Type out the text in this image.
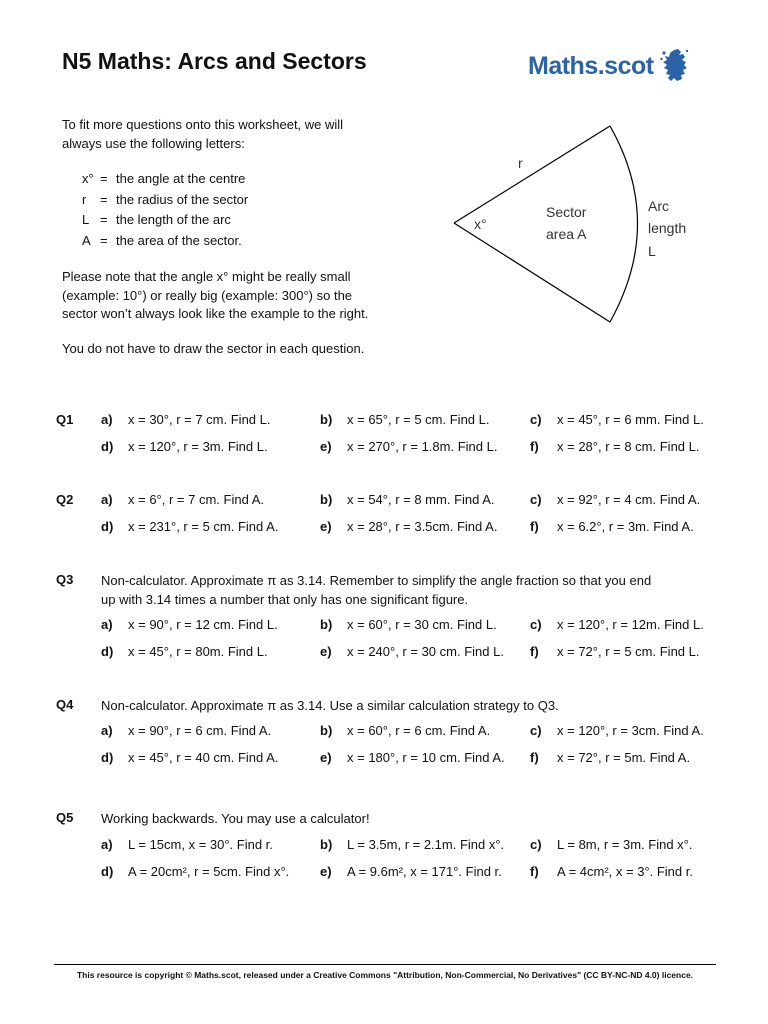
N5 Maths: Arcs and Sectors	Maths.scot

To fit more questions onto this worksheet, we will

always use the following letters:

x° = the angle at the centre
r	= the radius of the sector
L = the length of the arc
A = the area of the sector.
Please note that the angle x° might be really small
(example: 10°) or really big (example: 300°) so the
sector won’t always look like the example to the right.
You do not have to draw the sector in each question.
r
x°
Sector
area A
Arc
length
L
Q1 a) x = 30°, r = 7 cm. Find L.	b) x = 65°, r = 5 cm. Find L.	c) x = 45°, r = 6 mm. Find L.
d) x = 120°, r = 3m. Find L.	e) x = 270°, r = 1.8m. Find L.	f) x = 28°, r = 8 cm. Find L.
Q2 a) x = 6°, r = 7 cm. Find A.	b) x = 54°, r = 8 mm. Find A.	c) x = 92°, r = 4 cm. Find A.
d) x = 231°, r = 5 cm. Find A.	e) x = 28°, r = 3.5cm. Find A.	f) x = 6.2°, r = 3m. Find A.
Q3 Non-calculator. Approximate π as 3.14. Remember to simplify the angle fraction so that you end
up with 3.14 times a number that only has one significant figure.
a) x = 90°, r = 12 cm. Find L.	b) x = 60°, r = 30 cm. Find L.	c) x = 120°, r = 12m. Find L.
d) x = 45°, r = 80m. Find L.	e) x = 240°, r = 30 cm. Find L. f) x = 72°, r = 5 cm. Find L.
Q4 Non-calculator. Approximate π as 3.14. Use a similar calculation strategy to Q3.
a) x = 90°, r = 6 cm. Find A.	b) x = 60°, r = 6 cm. Find A.	c) x = 120°, r = 3cm. Find A.
d) x = 45°, r = 40 cm. Find A.	e) x = 180°, r = 10 cm. Find A. f) x = 72°, r = 5m. Find A.
Q5 Working backwards. You may use a calculator!
a) L = 15cm, x = 30°. Find r.	b) L = 3.5m, r = 2.1m. Find x°. c) L = 8m, r = 3m. Find x°.
d) A = 20cm², r = 5cm. Find x°. e) A = 9.6m², x = 171°. Find r. f) A = 4cm², x = 3°. Find r.
This resource is copyright © Maths.scot, released under a Creative Commons "Attribution, Non-Commercial, No Derivatives" (CC BY-NC-ND 4.0) licence.
